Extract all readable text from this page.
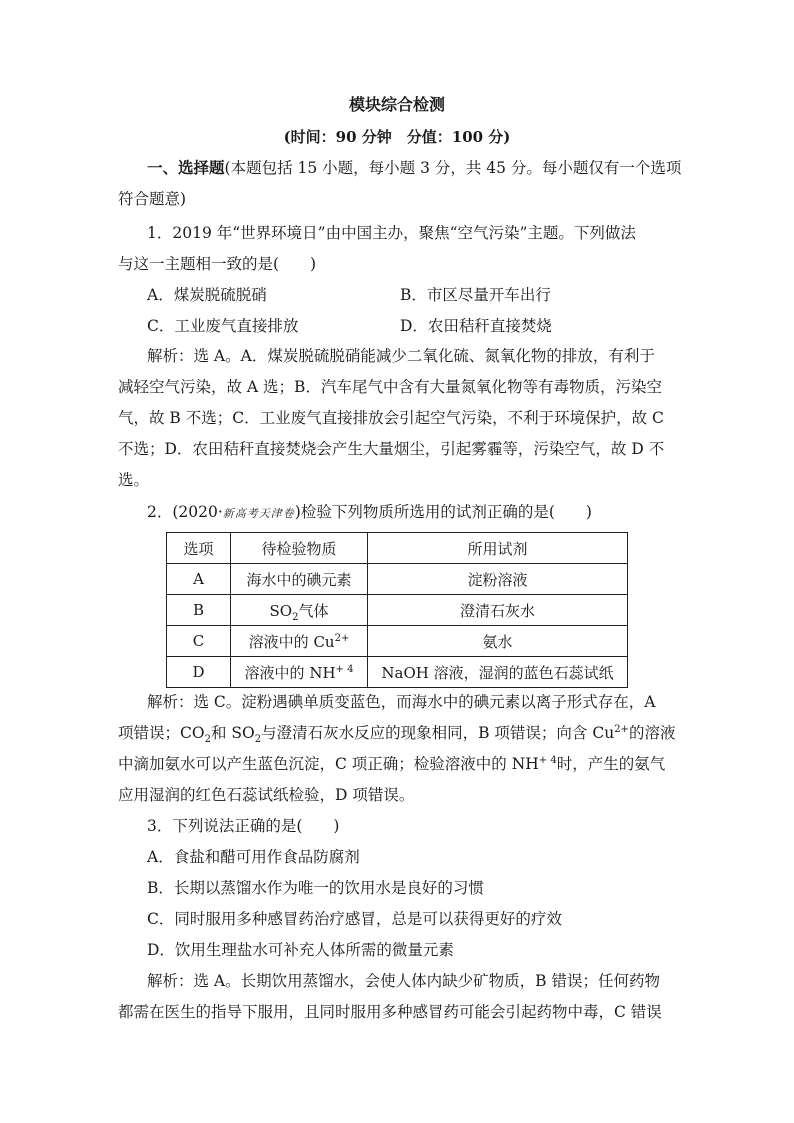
模块综合检测
(时间：90 分钟　分值：100 分)
一、选择题(本题包括 15 小题，每小题 3 分，共 45 分。每小题仅有一个选项
符合题意)
1．2019 年“世界环境日”由中国主办，聚焦“空气污染”主题。下列做法
与这一主题相一致的是(　　)
A．煤炭脱硫脱硝	B．市区尽量开车出行
C．工业废气直接排放	D．农田秸秆直接焚烧
解析：选 A。A．煤炭脱硫脱硝能减少二氧化硫、氮氧化物的排放，有利于
减轻空气污染，故 A 选；B．汽车尾气中含有大量氮氧化物等有毒物质，污染空
气，故 B 不选；C．工业废气直接排放会引起空气污染，不利于环境保护，故 C
不选；D．农田秸秆直接焚烧会产生大量烟尘，引起雾霾等，污染空气，故 D 不
选。
2．(2020·新高考天津卷)检验下列物质所选用的试剂正确的是(　　)
选项	待检验物质	所用试剂
A	海水中的碘元素	淀粉溶液
B	$SO_2$气体	澄清石灰水
C	溶液中的 $Cu^{2+}$	氨水
D	溶液中的 $NH^{+ 4}$	NaOH 溶液，湿润的蓝色石蕊试纸
解析：选 C。淀粉遇碘单质变蓝色，而海水中的碘元素以离子形式存在，A
项错误；$CO_2$和 $SO_2$与澄清石灰水反应的现象相同，B 项错误；向含 $Cu^{2+}$的溶液
中滴加氨水可以产生蓝色沉淀，C 项正确；检验溶液中的 $NH^{+ 4}$时，产生的氨气
应用湿润的红色石蕊试纸检验，D 项错误。
3．下列说法正确的是(　　)
A．食盐和醋可用作食品防腐剂
B．长期以蒸馏水作为唯一的饮用水是良好的习惯
C．同时服用多种感冒药治疗感冒，总是可以获得更好的疗效
D．饮用生理盐水可补充人体所需的微量元素
解析：选 A。长期饮用蒸馏水，会使人体内缺少矿物质，B 错误；任何药物
都需在医生的指导下服用，且同时服用多种感冒药可能会引起药物中毒，C 错误
